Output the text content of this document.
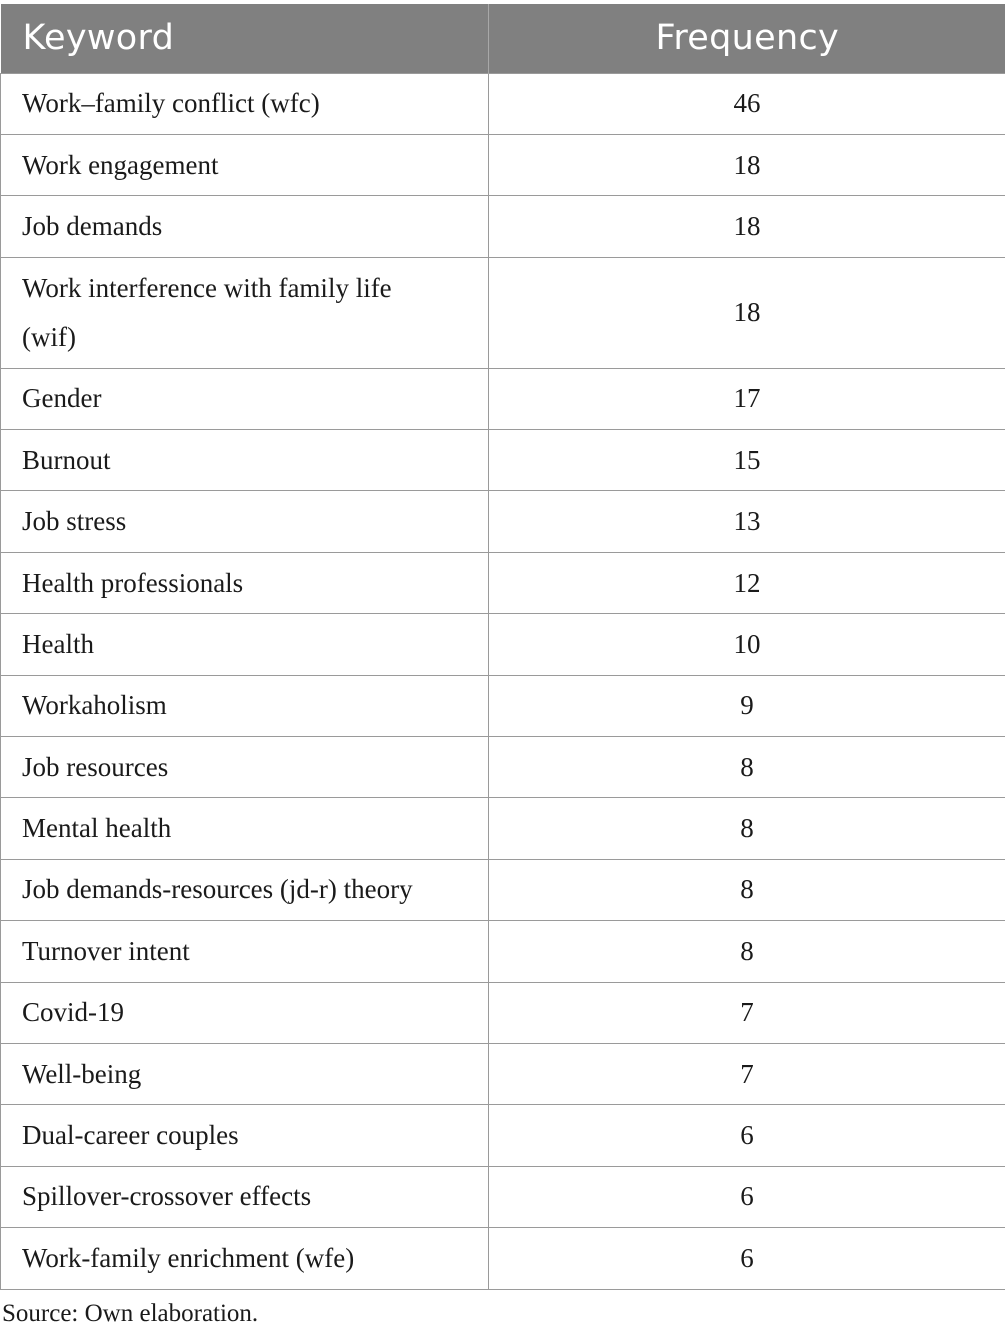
Keyword	Frequency
Work–family conflict (wfc)	46
Work engagement	18
Job demands	18
Work interference with family life (wif)	18
Gender	17
Burnout	15
Job stress	13
Health professionals	12
Health	10
Workaholism	9
Job resources	8
Mental health	8
Job demands-resources (jd-r) theory	8
Turnover intent	8
Covid-19	7
Well-being	7
Dual-career couples	6
Spillover-crossover effects	6
Work-family enrichment (wfe)	6
Source: Own elaboration.
